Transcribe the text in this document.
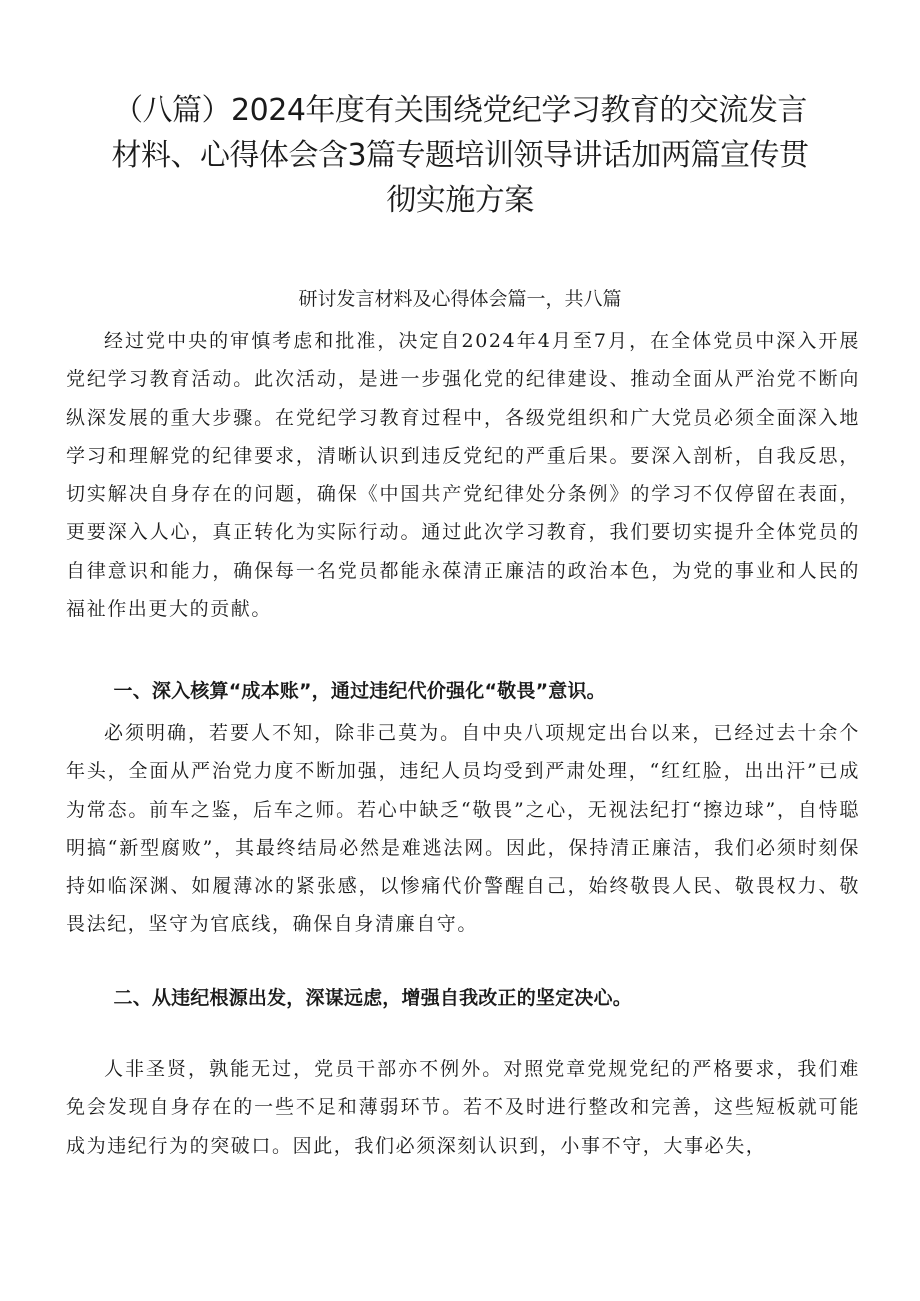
（八篇）2024年度有关围绕党纪学习教育的交流发言材料、心得体会含3篇专题培训领导讲话加两篇宣传贯彻实施方案
研讨发言材料及心得体会篇一，共八篇

经过党中央的审慎考虑和批准，决定自2024年4月至7月，在全体党员中深入开展党纪学习教育活动。此次活动，是进一步强化党的纪律建设、推动全面从严治党不断向纵深发展的重大步骤。在党纪学习教育过程中，各级党组织和广大党员必须全面深入地学习和理解党的纪律要求，清晰认识到违反党纪的严重后果。要深入剖析，自我反思，切实解决自身存在的问题，确保《中国共产党纪律处分条例》的学习不仅停留在表面，更要深入人心，真正转化为实际行动。通过此次学习教育，我们要切实提升全体党员的自律意识和能力，确保每一名党员都能永葆清正廉洁的政治本色，为党的事业和人民的福祉作出更大的贡献。

一、深入核算“成本账”，通过违纪代价强化“敬畏”意识。

必须明确，若要人不知，除非己莫为。自中央八项规定出台以来，已经过去十余个年头，全面从严治党力度不断加强，违纪人员均受到严肃处理，“红红脸，出出汗”已成为常态。前车之鉴，后车之师。若心中缺乏“敬畏”之心，无视法纪打“擦边球”，自恃聪明搞“新型腐败”，其最终结局必然是难逃法网。因此，保持清正廉洁，我们必须时刻保持如临深渊、如履薄冰的紧张感，以惨痛代价警醒自己，始终敬畏人民、敬畏权力、敬畏法纪，坚守为官底线，确保自身清廉自守。

二、从违纪根源出发，深谋远虑，增强自我改正的坚定决心。

人非圣贤，孰能无过，党员干部亦不例外。对照党章党规党纪的严格要求，我们难免会发现自身存在的一些不足和薄弱环节。若不及时进行整改和完善，这些短板就可能成为违纪行为的突破口。因此，我们必须深刻认识到，小事不守，大事必失，
